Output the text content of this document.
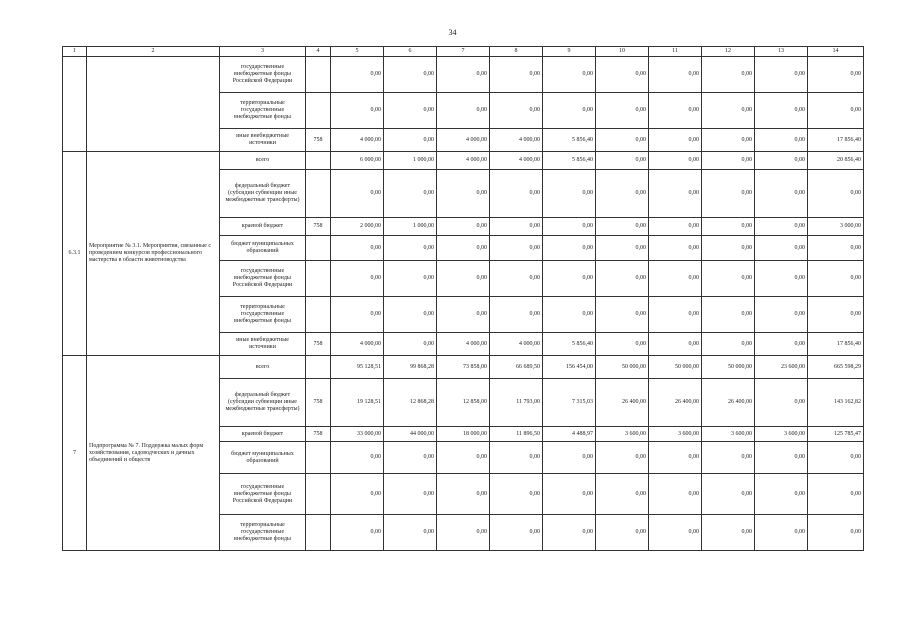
34
1	2	3	4	5	6	7	8	9	10	11	12	13	14
		государственные внебюджетные фонды Российской Федерации		0,00	0,00	0,00	0,00	0,00	0,00	0,00	0,00	0,00	0,00
		территориальные государственные внебюджетные фонды		0,00	0,00	0,00	0,00	0,00	0,00	0,00	0,00	0,00	0,00
		иные внебюджетные источники	758	4 000,00	0,00	4 000,00	4 000,00	5 856,40	0,00	0,00	0,00	0,00	17 856,40
6.3.1	Мероприятие № 3.1. Мероприятия, связанные с проведением конкурсов профессионального мастерства в области животноводства	всего		6 000,00	1 000,00	4 000,00	4 000,00	5 856,40	0,00	0,00	0,00	0,00	20 856,40
		федеральный бюджет (субсидии субвенции иные межбюджетные трансферты)		0,00	0,00	0,00	0,00	0,00	0,00	0,00	0,00	0,00	0,00
		краевой бюджет	758	2 000,00	1 000,00	0,00	0,00	0,00	0,00	0,00	0,00	0,00	3 000,00
		бюджет муниципальных образований		0,00	0,00	0,00	0,00	0,00	0,00	0,00	0,00	0,00	0,00
		государственные внебюджетные фонды Российской Федерации		0,00	0,00	0,00	0,00	0,00	0,00	0,00	0,00	0,00	0,00
		территориальные государственные внебюджетные фонды		0,00	0,00	0,00	0,00	0,00	0,00	0,00	0,00	0,00	0,00
		иные внебюджетные источники	758	4 000,00	0,00	4 000,00	4 000,00	5 856,40	0,00	0,00	0,00	0,00	17 856,40
7	Подпрограмма № 7. Поддержка малых форм хозяйствования, садоводческих и дачных объединений и обществ	всего		95 128,51	99 868,28	73 858,00	66 689,50	156 454,00	50 000,00	50 000,00	50 000,00	23 600,00	665 598,29
		федеральный бюджет (субсидии субвенции иные межбюджетные трансферты)	758	19 128,51	12 868,28	12 858,00	11 793,00	7 315,03	26 400,00	26 400,00	26 400,00	0,00	143 162,82
		краевой бюджет	758	33 000,00	44 000,00	18 000,00	11 896,50	4 488,97	3 600,00	3 600,00	3 600,00	3 600,00	125 785,47
		бюджет муниципальных образований		0,00	0,00	0,00	0,00	0,00	0,00	0,00	0,00	0,00	0,00
		государственные внебюджетные фонды Российской Федерации		0,00	0,00	0,00	0,00	0,00	0,00	0,00	0,00	0,00	0,00
		территориальные государственные внебюджетные фонды		0,00	0,00	0,00	0,00	0,00	0,00	0,00	0,00	0,00	0,00
